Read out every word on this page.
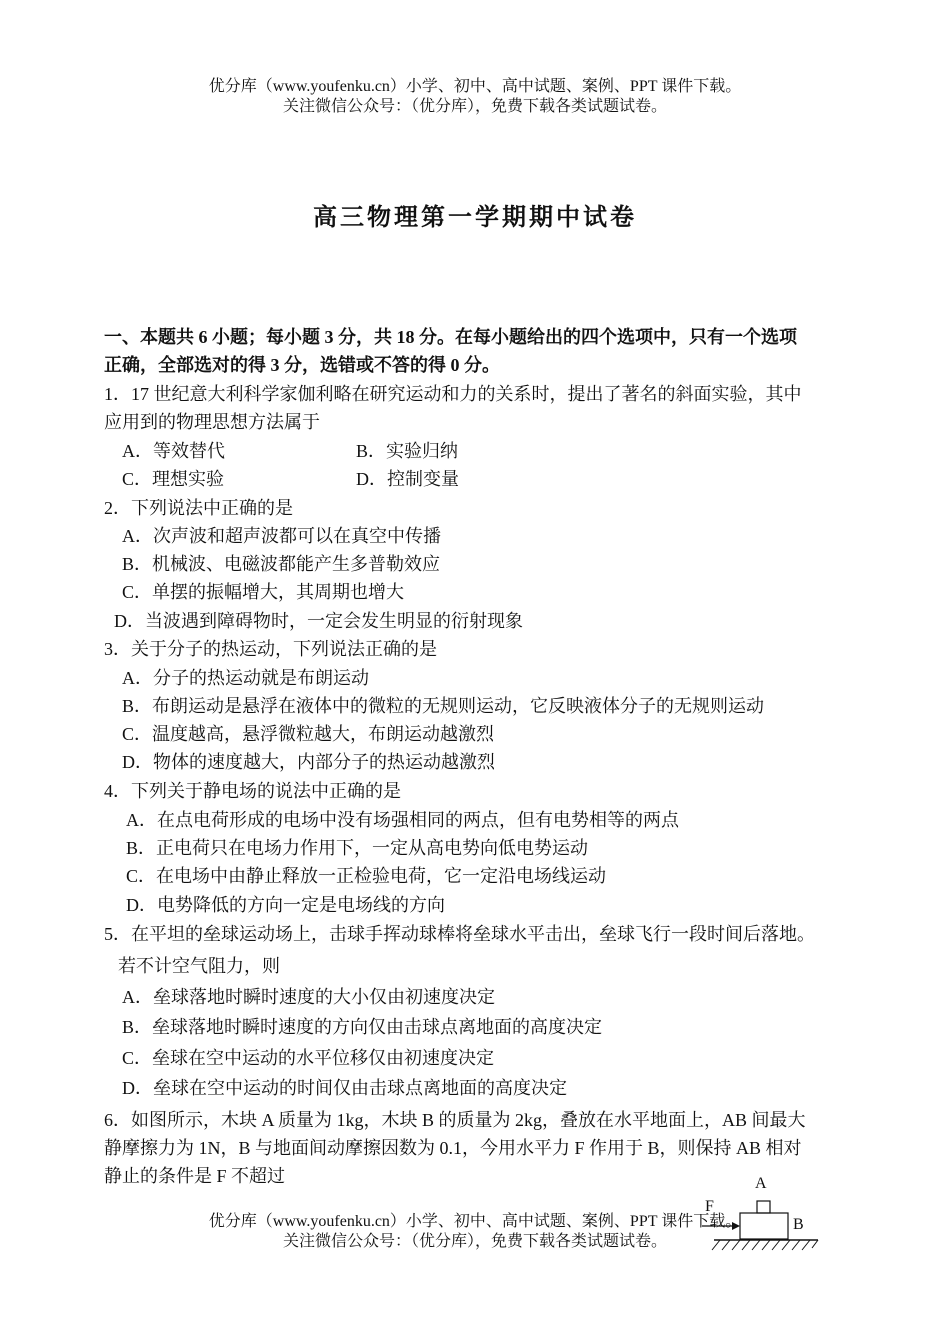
优分库（www.youfenku.cn）小学、初中、高中试题、案例、PPT 课件下载。
关注微信公众号：（优分库），免费下载各类试题试卷。
高三物理第一学期期中试卷
一、本题共 6 小题；每小题 3 分，共 18 分。在每小题给出的四个选项中，只有一个选项
正确，全部选对的得 3 分，选错或不答的得 0 分。
1．17 世纪意大利科学家伽利略在研究运动和力的关系时，提出了著名的斜面实验，其中
应用到的物理思想方法属于
A．等效替代	B．实验归纳
C．理想实验	D．控制变量
2．下列说法中正确的是
A．次声波和超声波都可以在真空中传播
B．机械波、电磁波都能产生多普勒效应
C．单摆的振幅增大，其周期也增大
D．当波遇到障碍物时，一定会发生明显的衍射现象
3．关于分子的热运动，下列说法正确的是
A．分子的热运动就是布朗运动
B．布朗运动是悬浮在液体中的微粒的无规则运动，它反映液体分子的无规则运动
C．温度越高，悬浮微粒越大，布朗运动越激烈
D．物体的速度越大，内部分子的热运动越激烈
4．下列关于静电场的说法中正确的是
A．在点电荷形成的电场中没有场强相同的两点，但有电势相等的两点
B．正电荷只在电场力作用下，一定从高电势向低电势运动
C．在电场中由静止释放一正检验电荷，它一定沿电场线运动
D．电势降低的方向一定是电场线的方向
5．在平坦的垒球运动场上，击球手挥动球棒将垒球水平击出，垒球飞行一段时间后落地。
若不计空气阻力，则
A．垒球落地时瞬时速度的大小仅由初速度决定
B．垒球落地时瞬时速度的方向仅由击球点离地面的高度决定
C．垒球在空中运动的水平位移仅由初速度决定
D．垒球在空中运动的时间仅由击球点离地面的高度决定
6．如图所示，木块 A 质量为 1kg，木块 B 的质量为 2kg，叠放在水平地面上，AB 间最大
静摩擦力为 1N，B 与地面间动摩擦因数为 0.1，今用水平力 F 作用于 B，则保持 AB 相对
静止的条件是 F 不超过	A
B
F
优分库（www.youfenku.cn）小学、初中、高中试题、案例、PPT 课件下载。
关注微信公众号：（优分库），免费下载各类试题试卷。
